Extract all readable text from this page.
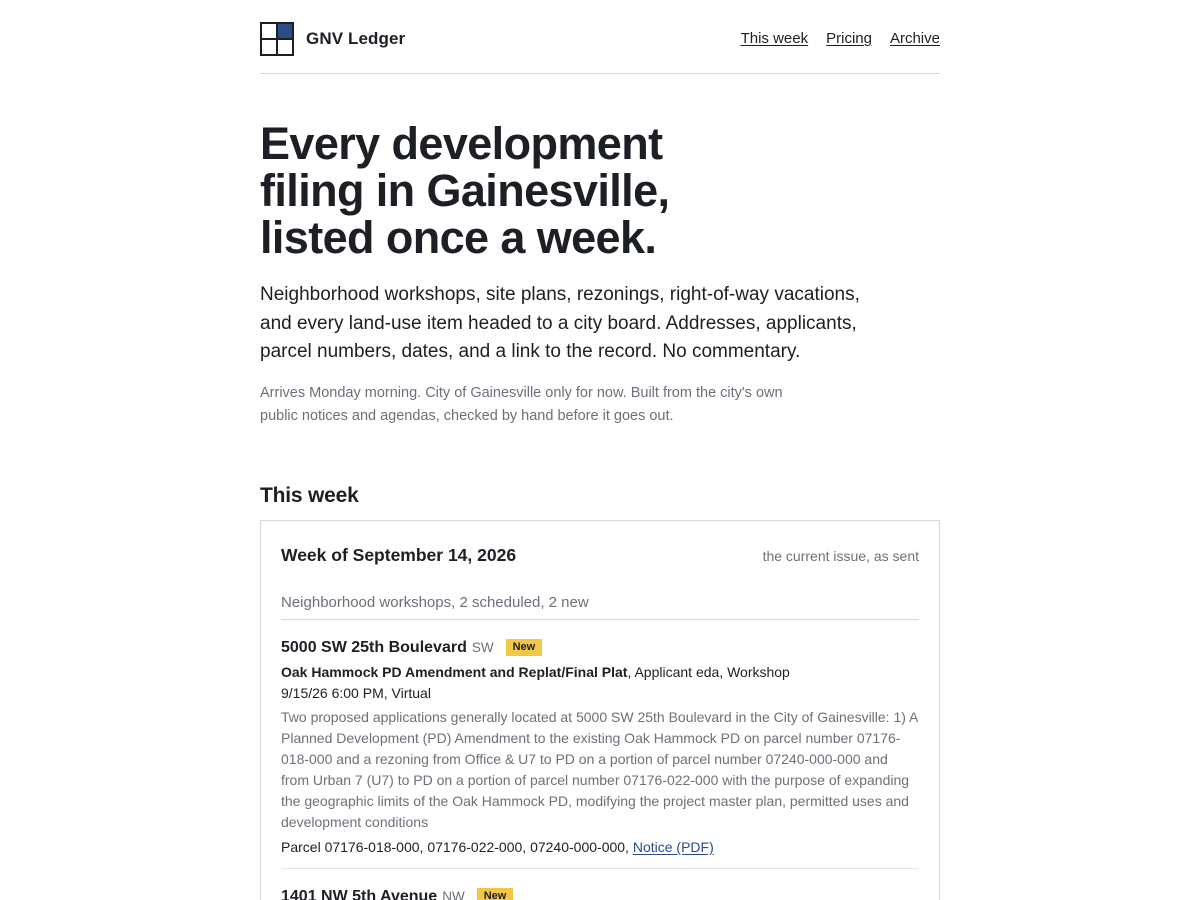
GNV Ledger	This week Pricing Archive
Every development filing in Gainesville, listed once a week.

Neighborhood workshops, site plans, rezonings, right-of-way vacations, and every land-use item headed to a city board. Addresses, applicants, parcel numbers, dates, and a link to the record. No commentary.

Arrives Monday morning. City of Gainesville only for now. Built from the city's own public notices and agendas, checked by hand before it goes out.

This week
Week of September 14, 2026	the current issue, as sent
Neighborhood workshops, 2 scheduled, 2 new
5000 SW 25th Boulevard SW	New
Oak Hammock PD Amendment and Replat/Final Plat, Applicant eda, Workshop
9/15/26 6:00 PM, Virtual
Two proposed applications generally located at 5000 SW 25th Boulevard in the City of Gainesville: 1) A Planned Development (PD) Amendment to the existing Oak Hammock PD on parcel number 07176-018-000 and a rezoning from Office & U7 to PD on a portion of parcel number 07240-000-000 and from Urban 7 (U7) to PD on a portion of parcel number 07176-022-000 with the purpose of expanding the geographic limits of the Oak Hammock PD, modifying the project master plan, permitted uses and development conditions
Parcel 07176-018-000, 07176-022-000, 07240-000-000, Notice (PDF)
1401 NW 5th Avenue NW	New
